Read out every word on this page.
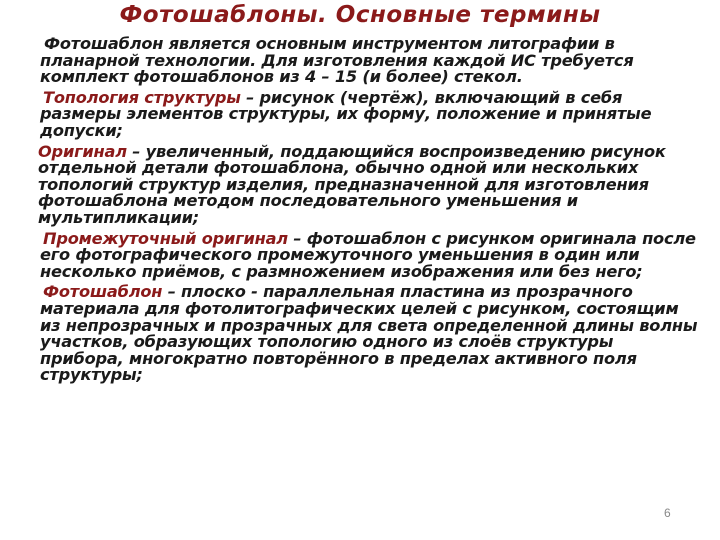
Фотошаблоны. Основные термины

Фотошаблон является основным инструментом литографии в планарной технологии. Для изготовления каждой ИС требуется комплект фотошаблонов из 4 – 15 (и более) стекол.

Топология структуры – рисунок (чертёж), включающий в себя размеры элементов структуры, их форму, положение и принятые допуски;

Оригинал – увеличенный, поддающийся воспроизведению рисунок отдельной детали фотошаблона, обычно одной или нескольких топологий структур изделия, предназначенной для изготовления фотошаблона методом последовательного уменьшения и мультипликации;

Промежуточный оригинал – фотошаблон с рисунком оригинала после его фотографического промежуточного уменьшения в один или несколько приёмов, с размножением изображения или без него;

Фотошаблон – плоско - параллельная пластина из прозрачного материала для фотолитографических целей с рисунком, состоящим из непрозрачных и прозрачных для света определенной длины волны участков, образующих топологию одного из слоёв структуры прибора, многократно повторённого в пределах активного поля структуры;

6
